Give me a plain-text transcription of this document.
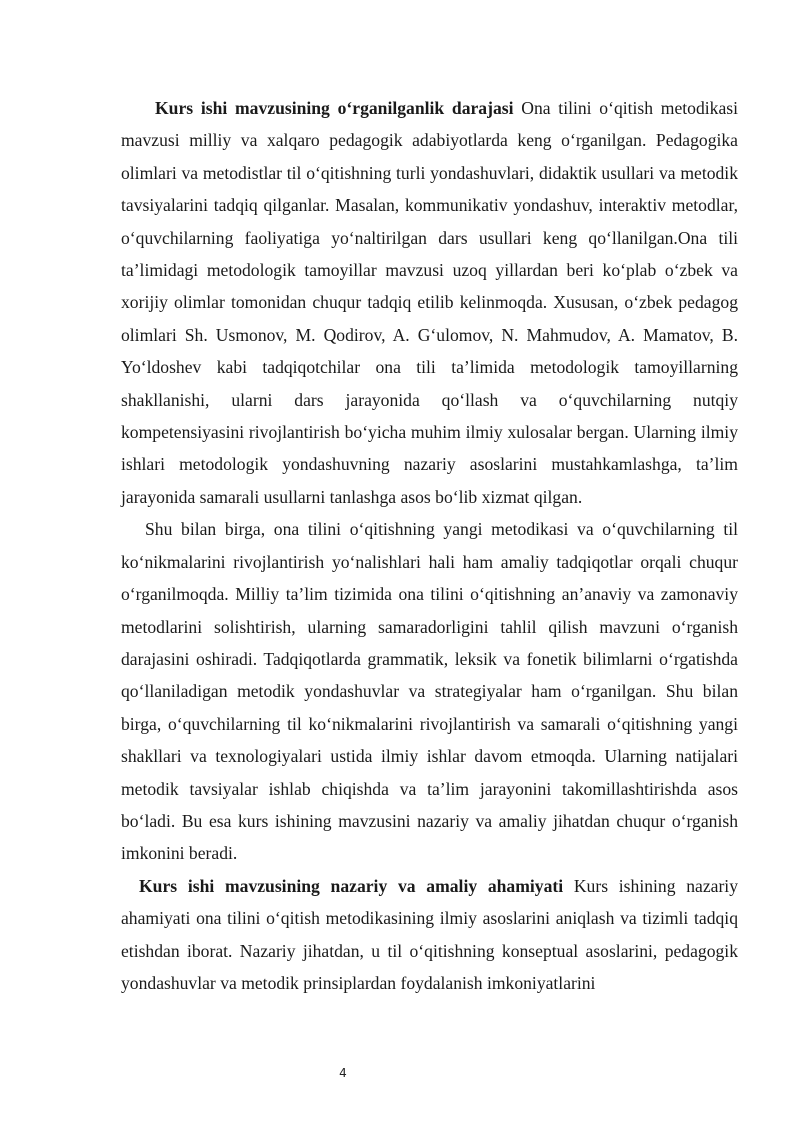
Kurs ishi mavzusining o‘rganilganlik darajasi Ona tilini o‘qitish metodikasi mavzusi milliy va xalqaro pedagogik adabiyotlarda keng o‘rganilgan. Pedagogika olimlari va metodistlar til o‘qitishning turli yondashuvlari, didaktik usullari va metodik tavsiyalarini tadqiq qilganlar. Masalan, kommunikativ yondashuv, interaktiv metodlar, o‘quvchilarning faoliyatiga yo‘naltirilgan dars usullari keng qo‘llanilgan.Ona tili ta’limidagi metodologik tamoyillar mavzusi uzoq yillardan beri ko‘plab o‘zbek va xorijiy olimlar tomonidan chuqur tadqiq etilib kelinmoqda. Xususan, o‘zbek pedagog olimlari Sh. Usmonov, M. Qodirov, A. G‘ulomov, N. Mahmudov, A. Mamatov, B. Yo‘ldoshev kabi tadqiqotchilar ona tili ta’limida metodologik tamoyillarning shakllanishi, ularni dars jarayonida qo‘llash va o‘quvchilarning nutqiy kompetensiyasini rivojlantirish bo‘yicha muhim ilmiy xulosalar bergan. Ularning ilmiy ishlari metodologik yondashuvning nazariy asoslarini mustahkamlashga, ta’lim jarayonida samarali usullarni tanlashga asos bo‘lib xizmat qilgan.

Shu bilan birga, ona tilini o‘qitishning yangi metodikasi va o‘quvchilarning til ko‘nikmalarini rivojlantirish yo‘nalishlari hali ham amaliy tadqiqotlar orqali chuqur o‘rganilmoqda. Milliy ta’lim tizimida ona tilini o‘qitishning an’anaviy va zamonaviy metodlarini solishtirish, ularning samaradorligini tahlil qilish mavzuni o‘rganish darajasini oshiradi. Tadqiqotlarda grammatik, leksik va fonetik bilimlarni o‘rgatishda qo‘llaniladigan metodik yondashuvlar va strategiyalar ham o‘rganilgan. Shu bilan birga, o‘quvchilarning til ko‘nikmalarini rivojlantirish va samarali o‘qitishning yangi shakllari va texnologiyalari ustida ilmiy ishlar davom etmoqda. Ularning natijalari metodik tavsiyalar ishlab chiqishda va ta’lim jarayonini takomillashtirishda asos bo‘ladi. Bu esa kurs ishining mavzusini nazariy va amaliy jihatdan chuqur o‘rganish imkonini beradi.

Kurs ishi mavzusining nazariy va amaliy ahamiyati Kurs ishining nazariy ahamiyati ona tilini o‘qitish metodikasining ilmiy asoslarini aniqlash va tizimli tadqiq etishdan iborat. Nazariy jihatdan, u til o‘qitishning konseptual asoslarini, pedagogik yondashuvlar va metodik prinsiplardan foydalanish imkoniyatlarini

4
